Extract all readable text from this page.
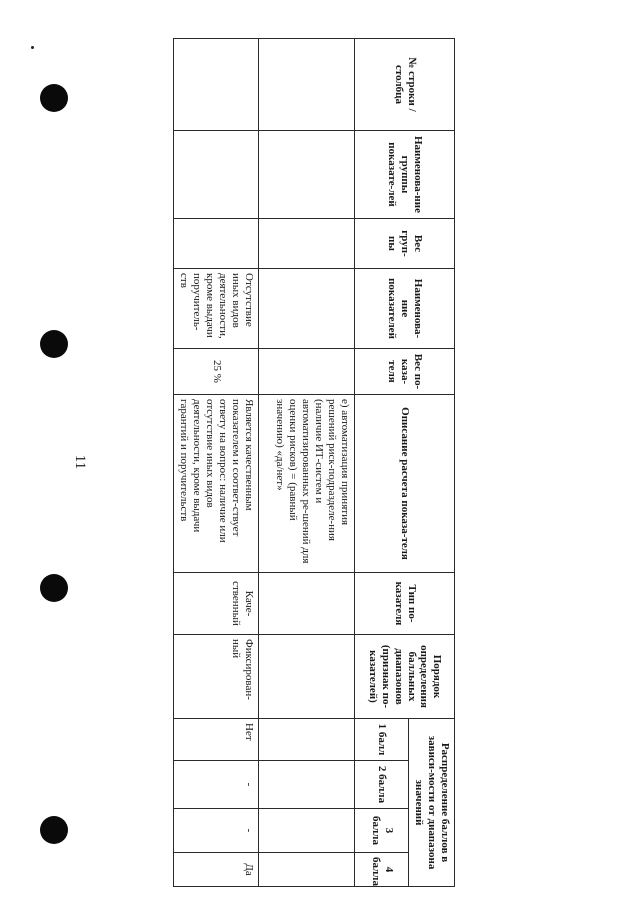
11
№ строки / столбца	Наименова-ние группы показате-лей	Вес груп-пы	Наименова-ние показателей	Вес по-каза-теля	Описание расчета показа-теля	Тип по-казателя	Порядок определения балльных диапазонов (признак по-казателей)	Распределение баллов в зависи-мости от диапазона значений			
								1 балл	2 балла	3 балла	4 балла
					е) автоматизация принятия решений риск-подразделе-ния (наличие ИТ-систем и автоматизированных ре-шений для оценки рисков) = (равный значению) «да/нет»						
			Отсутствие иных видов деятельности, кроме выдачи поручитель-ств	25 %	Является качественным показателем и соответ-ствует ответу на вопрос: наличие или отсутствие иных видов деятельности, кроме выдачи гарантий и поручительств	Каче-ственный	Фиксирован-ный	Нет	-	-	Да
